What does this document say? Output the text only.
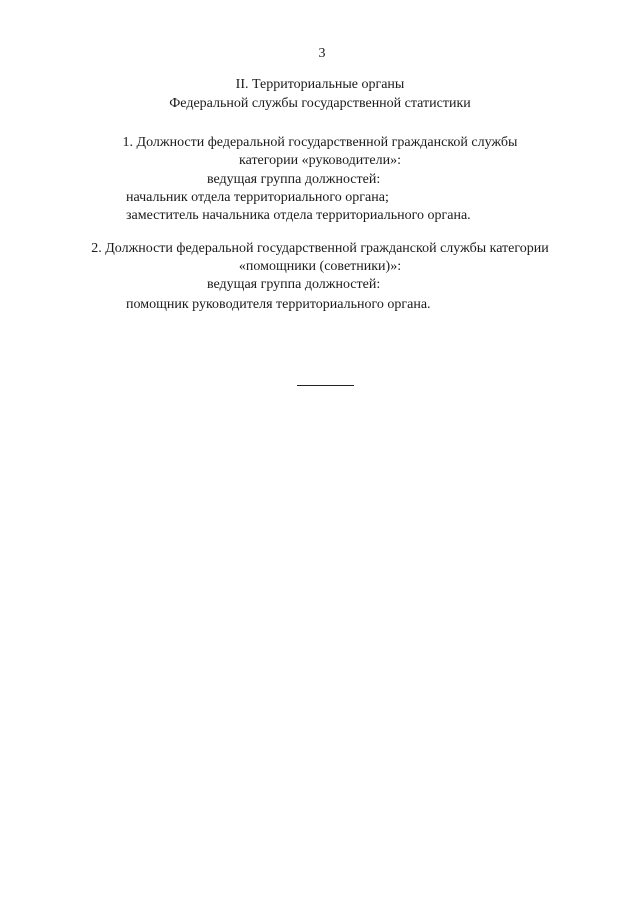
3
II. Территориальные органы
Федеральной службы государственной статистики
1. Должности федеральной государственной гражданской службы
категории «руководители»:
ведущая группа должностей:
начальник отдела территориального органа;
заместитель начальника отдела территориального органа.
2. Должности федеральной государственной гражданской службы категории
«помощники (советники)»:
ведущая группа должностей:
помощник руководителя территориального органа.
